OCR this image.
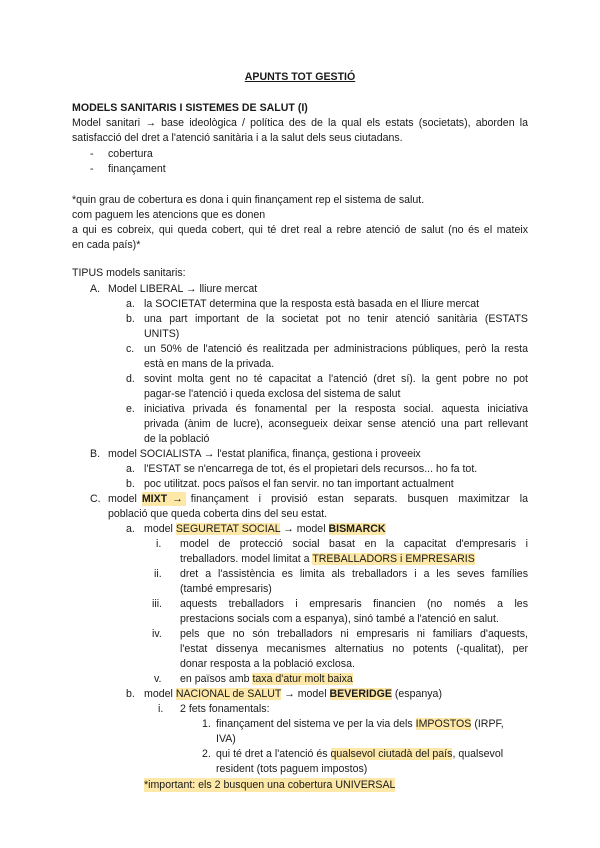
APUNTS TOT GESTIÓ
MODELS SANITARIS I SISTEMES DE SALUT (I)
Model sanitari → base ideològica / política des de la qual els estats (societats), aborden la
satisfacció del dret a l'atenció sanitària i a la salut dels seus ciutadans.
- cobertura
- finançament
*quin grau de cobertura es dona i quin finançament rep el sistema de salut.
com paguem les atencions que es donen
a qui es cobreix, qui queda cobert, qui té dret real a rebre atenció de salut (no és el mateix
en cada país)*
TIPUS models sanitaris:
A. Model LIBERAL → lliure mercat
a. la SOCIETAT determina que la resposta està basada en el lliure mercat
b. una part important de la societat pot no tenir atenció sanitària (ESTATS
UNITS)
c. un 50% de l'atenció és realitzada per administracions públiques, però la resta
està en mans de la privada.
d. sovint molta gent no té capacitat a l'atenció (dret sí). la gent pobre no pot
pagar-se l'atenció i queda exclosa del sistema de salut
e. iniciativa privada és fonamental per la resposta social. aquesta iniciativa
privada (ànim de lucre), aconsegueix deixar sense atenció una part rellevant
de la població
B. model SOCIALISTA → l'estat planifica, finança, gestiona i proveeix
a. l'ESTAT se n'encarrega de tot, és el propietari dels recursos... ho fa tot.
b. poc utilitzat. pocs països el fan servir. no tan important actualment
C. model MIXT → finançament i provisió estan separats. busquen maximitzar la
població que queda coberta dins del seu estat.
a. model SEGURETAT SOCIAL → model BISMARCK
i. model de protecció social basat en la capacitat d'empresaris i
treballadors. model limitat a TREBALLADORS i EMPRESARIS
ii. dret a l'assistència es limita als treballadors i a les seves famílies
(també empresaris)
iii. aquests treballadors i empresaris financien (no només a les
prestacions socials com a espanya), sinó també a l'atenció en salut.
iv. pels que no són treballadors ni empresaris ni familiars d'aquests,
l'estat dissenya mecanismes alternatius no potents (-qualitat), per
donar resposta a la població exclosa.
v. en països amb taxa d'atur molt baixa
b. model NACIONAL de SALUT → model BEVERIDGE (espanya)
i. 2 fets fonamentals:
1. finançament del sistema ve per la via dels IMPOSTOS (IRPF,
IVA)
2. qui té dret a l'atenció és qualsevol ciutadà del país, qualsevol
resident (tots paguem impostos)
*important: els 2 busquen una cobertura UNIVERSAL
